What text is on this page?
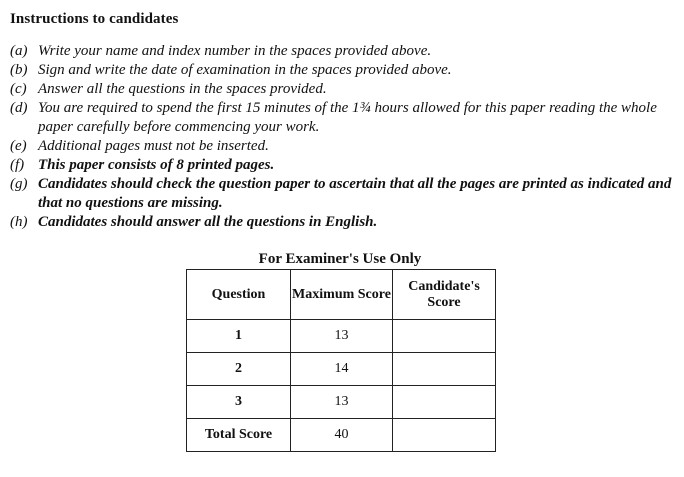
Instructions to candidates
(a) Write your name and index number in the spaces provided above.
(b) Sign and write the date of examination in the spaces provided above.
(c) Answer all the questions in the spaces provided.
(d) You are required to spend the first 15 minutes of the 1¾ hours allowed for this paper reading the whole paper carefully before commencing your work.
(e) Additional pages must not be inserted.
(f) This paper consists of 8 printed pages.
(g) Candidates should check the question paper to ascertain that all the pages are printed as indicated and that no questions are missing.
(h) Candidates should answer all the questions in English.
For Examiner's Use Only
Question	Maximum Score	Candidate's Score
1	13	
2	14	
3	13	
Total Score	40	
